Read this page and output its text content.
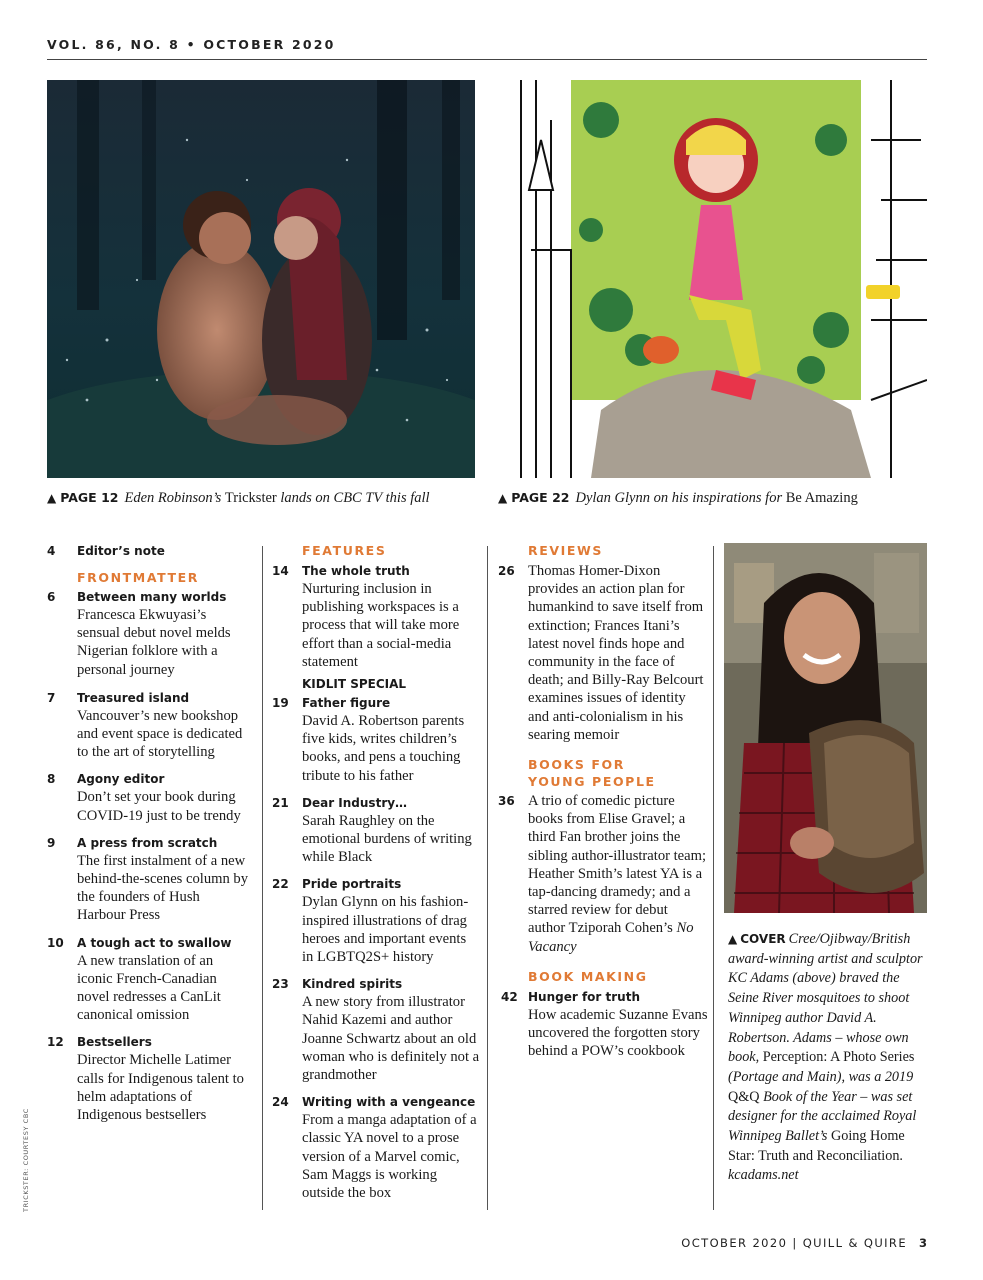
VOL. 86, NO. 8 • OCTOBER 2020
▲ PAGE 12 Eden Robinson’s Trickster lands on CBC TV this fall	▲ PAGE 22 Dylan Glynn on his inspirations for Be Amazing
4 Editor’s note
FRONTMATTER
6 Between many worlds
Francesca Ekwuyasi’s sensual debut novel melds Nigerian folklore with a personal journey
7 Treasured island
Vancouver’s new bookshop and event space is dedicated to the art of storytelling
8 Agony editor
Don’t set your book during COVID-19 just to be trendy
9 A press from scratch
The first instalment of a new behind-the-scenes column by the founders of Hush Harbour Press
10 A tough act to swallow
A new translation of an iconic French-Canadian novel redresses a CanLit canonical omission
12 Bestsellers
Director Michelle Latimer calls for Indigenous talent to helm adaptations of Indigenous bestsellers
FEATURES
14 The whole truth
Nurturing inclusion in publishing workspaces is a process that will take more effort than a social-media statement
KIDLIT SPECIAL
19 Father figure
David A. Robertson parents five kids, writes children’s books, and pens a touching tribute to his father
21 Dear Industry…
Sarah Raughley on the emotional burdens of writing while Black
22 Pride portraits
Dylan Glynn on his fashion-inspired illustrations of drag heroes and important events in LGBTQ2S+ history
23 Kindred spirits
A new story from illustrator Nahid Kazemi and author Joanne Schwartz about an old woman who is definitely not a grandmother
24 Writing with a vengeance
From a manga adaptation of a classic YA novel to a prose version of a Marvel comic, Sam Maggs is working outside the box
REVIEWS
26 Thomas Homer-Dixon provides an action plan for humankind to save itself from extinction; Frances Itani’s latest novel finds hope and community in the face of death; and Billy-Ray Belcourt examines issues of identity and anti-colonialism in his searing memoir
BOOKS FOR YOUNG PEOPLE
36 A trio of comedic picture books from Elise Gravel; a third Fan brother joins the sibling author-illustrator team; Heather Smith’s latest YA is a tap-dancing dramedy; and a starred review for debut author Tziporah Cohen’s No Vacancy
BOOK MAKING
42 Hunger for truth
How academic Suzanne Evans uncovered the forgotten story behind a POW’s cookbook
▲ COVER Cree/Ojibway/British award-winning artist and sculptor KC Adams (above) braved the Seine River mosquitoes to shoot Winnipeg author David A. Robertson. Adams – whose own book, Perception: A Photo Series (Portage and Main), was a 2019 Q&Q Book of the Year – was set designer for the acclaimed Royal Winnipeg Ballet’s Going Home Star: Truth and Reconciliation. kcadams.net
TRICKSTER: COURTESY CBC
OCTOBER 2020 | QUILL & QUIRE 3
